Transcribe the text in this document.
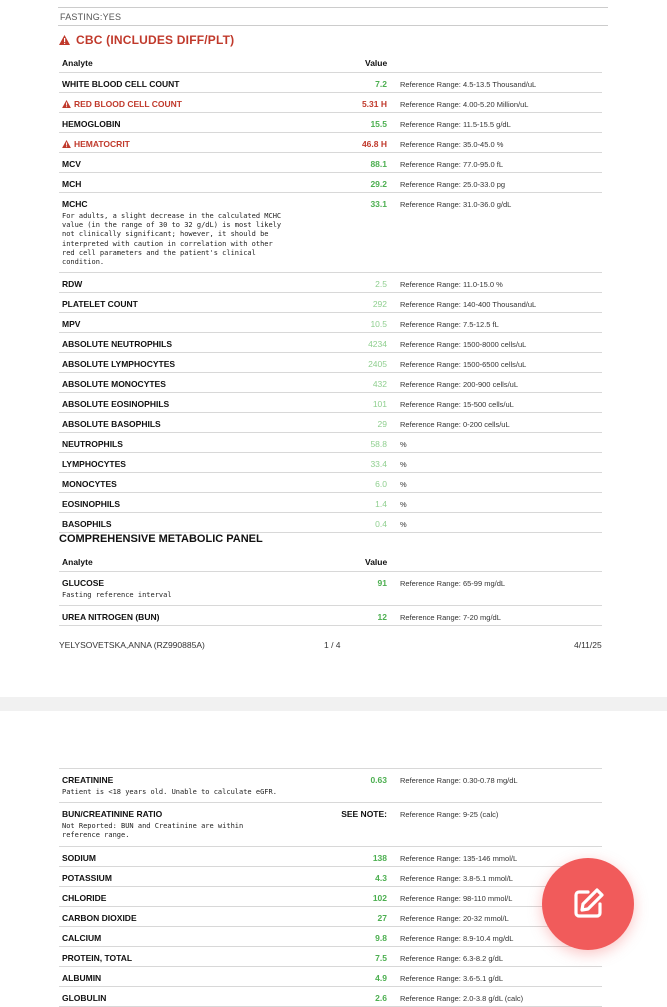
FASTING:YES
CBC (INCLUDES DIFF/PLT)
Analyte	Value
WHITE BLOOD CELL COUNT	7.2 Reference Range: 4.5-13.5 Thousand/uL
RED BLOOD CELL COUNT	5.31 H Reference Range: 4.00-5.20 Million/uL
HEMOGLOBIN	15.5 Reference Range: 11.5-15.5 g/dL
HEMATOCRIT	46.8 H Reference Range: 35.0-45.0 %
MCV	88.1 Reference Range: 77.0-95.0 fL
MCH	29.2 Reference Range: 25.0-33.0 pg
MCHC	33.1 Reference Range: 31.0-36.0 g/dL
For adults, a slight decrease in the calculated MCHC
value (in the range of 30 to 32 g/dL) is most likely
not clinically significant; however, it should be
interpreted with caution in correlation with other
red cell parameters and the patient's clinical
condition.
RDW	2.5 Reference Range: 11.0-15.0 %
PLATELET COUNT	292 Reference Range: 140-400 Thousand/uL
MPV	10.5 Reference Range: 7.5-12.5 fL
ABSOLUTE NEUTROPHILS	4234 Reference Range: 1500-8000 cells/uL
ABSOLUTE LYMPHOCYTES	2405 Reference Range: 1500-6500 cells/uL
ABSOLUTE MONOCYTES	432 Reference Range: 200-900 cells/uL
ABSOLUTE EOSINOPHILS	101 Reference Range: 15-500 cells/uL
ABSOLUTE BASOPHILS	29 Reference Range: 0-200 cells/uL
NEUTROPHILS	58.8 %
LYMPHOCYTES	33.4 %
MONOCYTES	6.0 %
EOSINOPHILS	1.4 %
BASOPHILS	0.4 %
COMPREHENSIVE METABOLIC PANEL
Analyte	Value
GLUCOSE	91 Reference Range: 65-99 mg/dL
Fasting reference interval
UREA NITROGEN (BUN)	12 Reference Range: 7-20 mg/dL
YELYSOVETSKA,ANNA (RZ990885A)	1 / 4	4/11/25
CREATININE	0.63 Reference Range: 0.30-0.78 mg/dL
Patient is <18 years old. Unable to calculate eGFR.
BUN/CREATININE RATIO	SEE NOTE: Reference Range: 9-25 (calc)
Not Reported: BUN and Creatinine are within
reference range.
SODIUM	138 Reference Range: 135-146 mmol/L
POTASSIUM	4.3 Reference Range: 3.8-5.1 mmol/L
CHLORIDE	102 Reference Range: 98-110 mmol/L
CARBON DIOXIDE	27 Reference Range: 20-32 mmol/L
CALCIUM	9.8 Reference Range: 8.9-10.4 mg/dL
PROTEIN, TOTAL	7.5 Reference Range: 6.3-8.2 g/dL
ALBUMIN	4.9 Reference Range: 3.6-5.1 g/dL
GLOBULIN	2.6 Reference Range: 2.0-3.8 g/dL (calc)
